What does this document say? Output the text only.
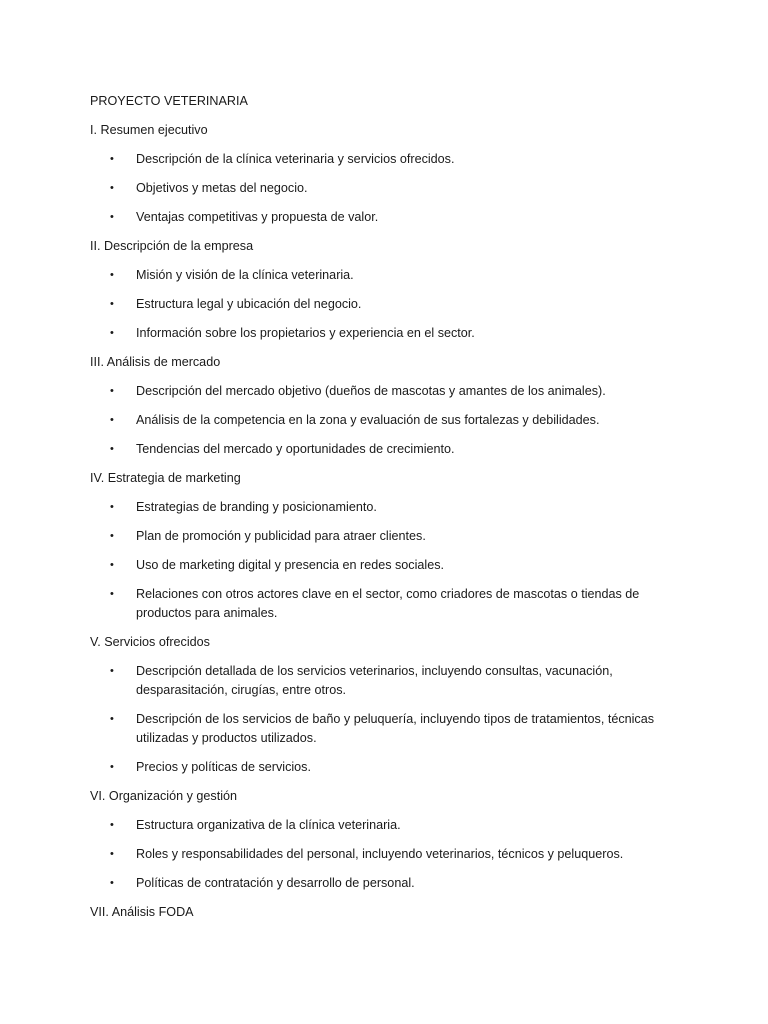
PROYECTO VETERINARIA

I. Resumen ejecutivo

• Descripción de la clínica veterinaria y servicios ofrecidos.
• Objetivos y metas del negocio.
• Ventajas competitivas y propuesta de valor.

II. Descripción de la empresa

• Misión y visión de la clínica veterinaria.
• Estructura legal y ubicación del negocio.
• Información sobre los propietarios y experiencia en el sector.

III. Análisis de mercado

• Descripción del mercado objetivo (dueños de mascotas y amantes de los animales).
• Análisis de la competencia en la zona y evaluación de sus fortalezas y debilidades.
• Tendencias del mercado y oportunidades de crecimiento.

IV. Estrategia de marketing

• Estrategias de branding y posicionamiento.
• Plan de promoción y publicidad para atraer clientes.
• Uso de marketing digital y presencia en redes sociales.
• Relaciones con otros actores clave en el sector, como criadores de mascotas o tiendas de productos para animales.

V. Servicios ofrecidos

• Descripción detallada de los servicios veterinarios, incluyendo consultas, vacunación, desparasitación, cirugías, entre otros.
• Descripción de los servicios de baño y peluquería, incluyendo tipos de tratamientos, técnicas utilizadas y productos utilizados.
• Precios y políticas de servicios.

VI. Organización y gestión

• Estructura organizativa de la clínica veterinaria.
• Roles y responsabilidades del personal, incluyendo veterinarios, técnicos y peluqueros.
• Políticas de contratación y desarrollo de personal.

VII. Análisis FODA
